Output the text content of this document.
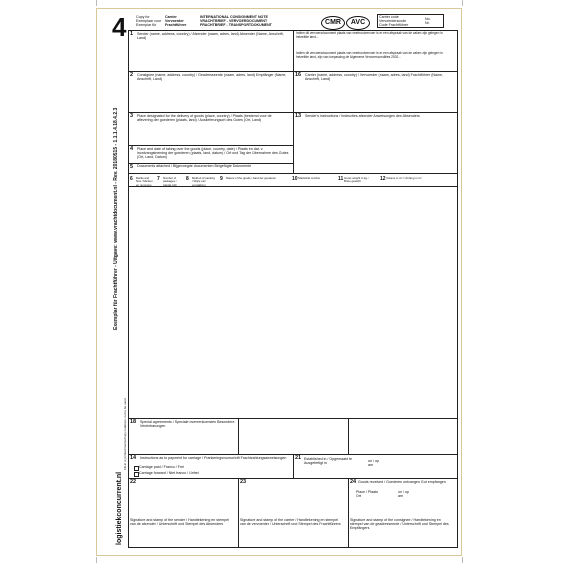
4	Copy for
Exemplaar voor
Exemplar für
Carrier
Vervoerder
Frachtführer
INTERNATIONAL CONSIGNMENT NOTE
VRACHTBRIEF - VERVOERDOCUMENT
FRACHTBRIEF - TRANSPORTDOKUMENT	CMR	AVC
Carrier code
Vervoerderscode
Code Frachtführer
No.
Nr.
1 Sender (name, address, country) / Afzender (naam, adres, land) Absender (Name, Anschrift, Land)
Indien dit vervoersdocument plaats van veerbootvervoer is er een afspraak van de zaken zijn gelegen in hetzelfde land...
Indien dit vervoersdocument plaats van veerbootvervoer is er een afspraak van de zaken zijn gelegen in hetzelfde land, zijn van toepassing de Algemene Vervoerscondities 2002...
2 Consignee (name, address, country) / Geadresseerde (naam, adres, land) Empfänger (Name, Anschrift, Land)
16 Carrier (name, address, country) / Vervoerder (naam, adres, land) Frachtführer (Name, Anschrift, Land)
3 Place designated for the delivery of goods (place, country) / Plaats (bestemd voor de aflevering der goederen (plaats, land) / Auslieferungsort des Gutes (Ort, Land)
13 Sender's instructions / Instructies afzender Anweisungen des Absenders
4 Place and date of taking over the goods (place, country, date) / Plaats en dat. v. inontvangstneming der goederen (plaats, land, datum) / Ort und Tag der Übernahme des Gutes (Ort, Land, Datum)
5 Documents attached / Bijgevoegde documenten Beigefügte Dokumente
6 Marks and Nos / Merken en nummers
7 Number of packages / Aantal colli
8 Method of packing / Wijze van verpakking
9 Nature of the goods / Aard der goederen	10 Statistical number	11 Gross weight in kg / Bruto gewicht	12 Volume in m³ / Umfang in m³
18 Special agreements / Speciale overeenkomsten Besondere Vereinbarungen
14 Instructions as to payment for carriage / Frankeringsvoorschrift Frachtzahlungsanweisungen
Carriage paid / Franco / Frei
Carriage forward / Niet franco / Unfrei
21 Established in / Opgemaakt te Ausgefertigt in
on / op
am
22	23	24 Goods received / Goederen ontvangen Gut empfangen
Place / Plaats
Ort
on / op
am
Signature and stamp of the sender / Handtekening en stempel van de afzender / Unterschrift und Stempel des Absenders
Signature and stamp of the carrier / Handtekening en stempel van de vervoerder / Unterschrift und Stempel des Frachtführers
Signature and stamp of the consignee / Handtekening en stempel van de geadresseerde / Unterschrift und Stempel des Empfängers
Exemplar für Frachtführer - Uitgave: www.vrachtdocument.nl - Rev. 20180515 - 1.1.1.4.18.4.2.3
logistiekconcurrent.nl
Fill-in or printed Carrier/copy code/nos. not to be used
